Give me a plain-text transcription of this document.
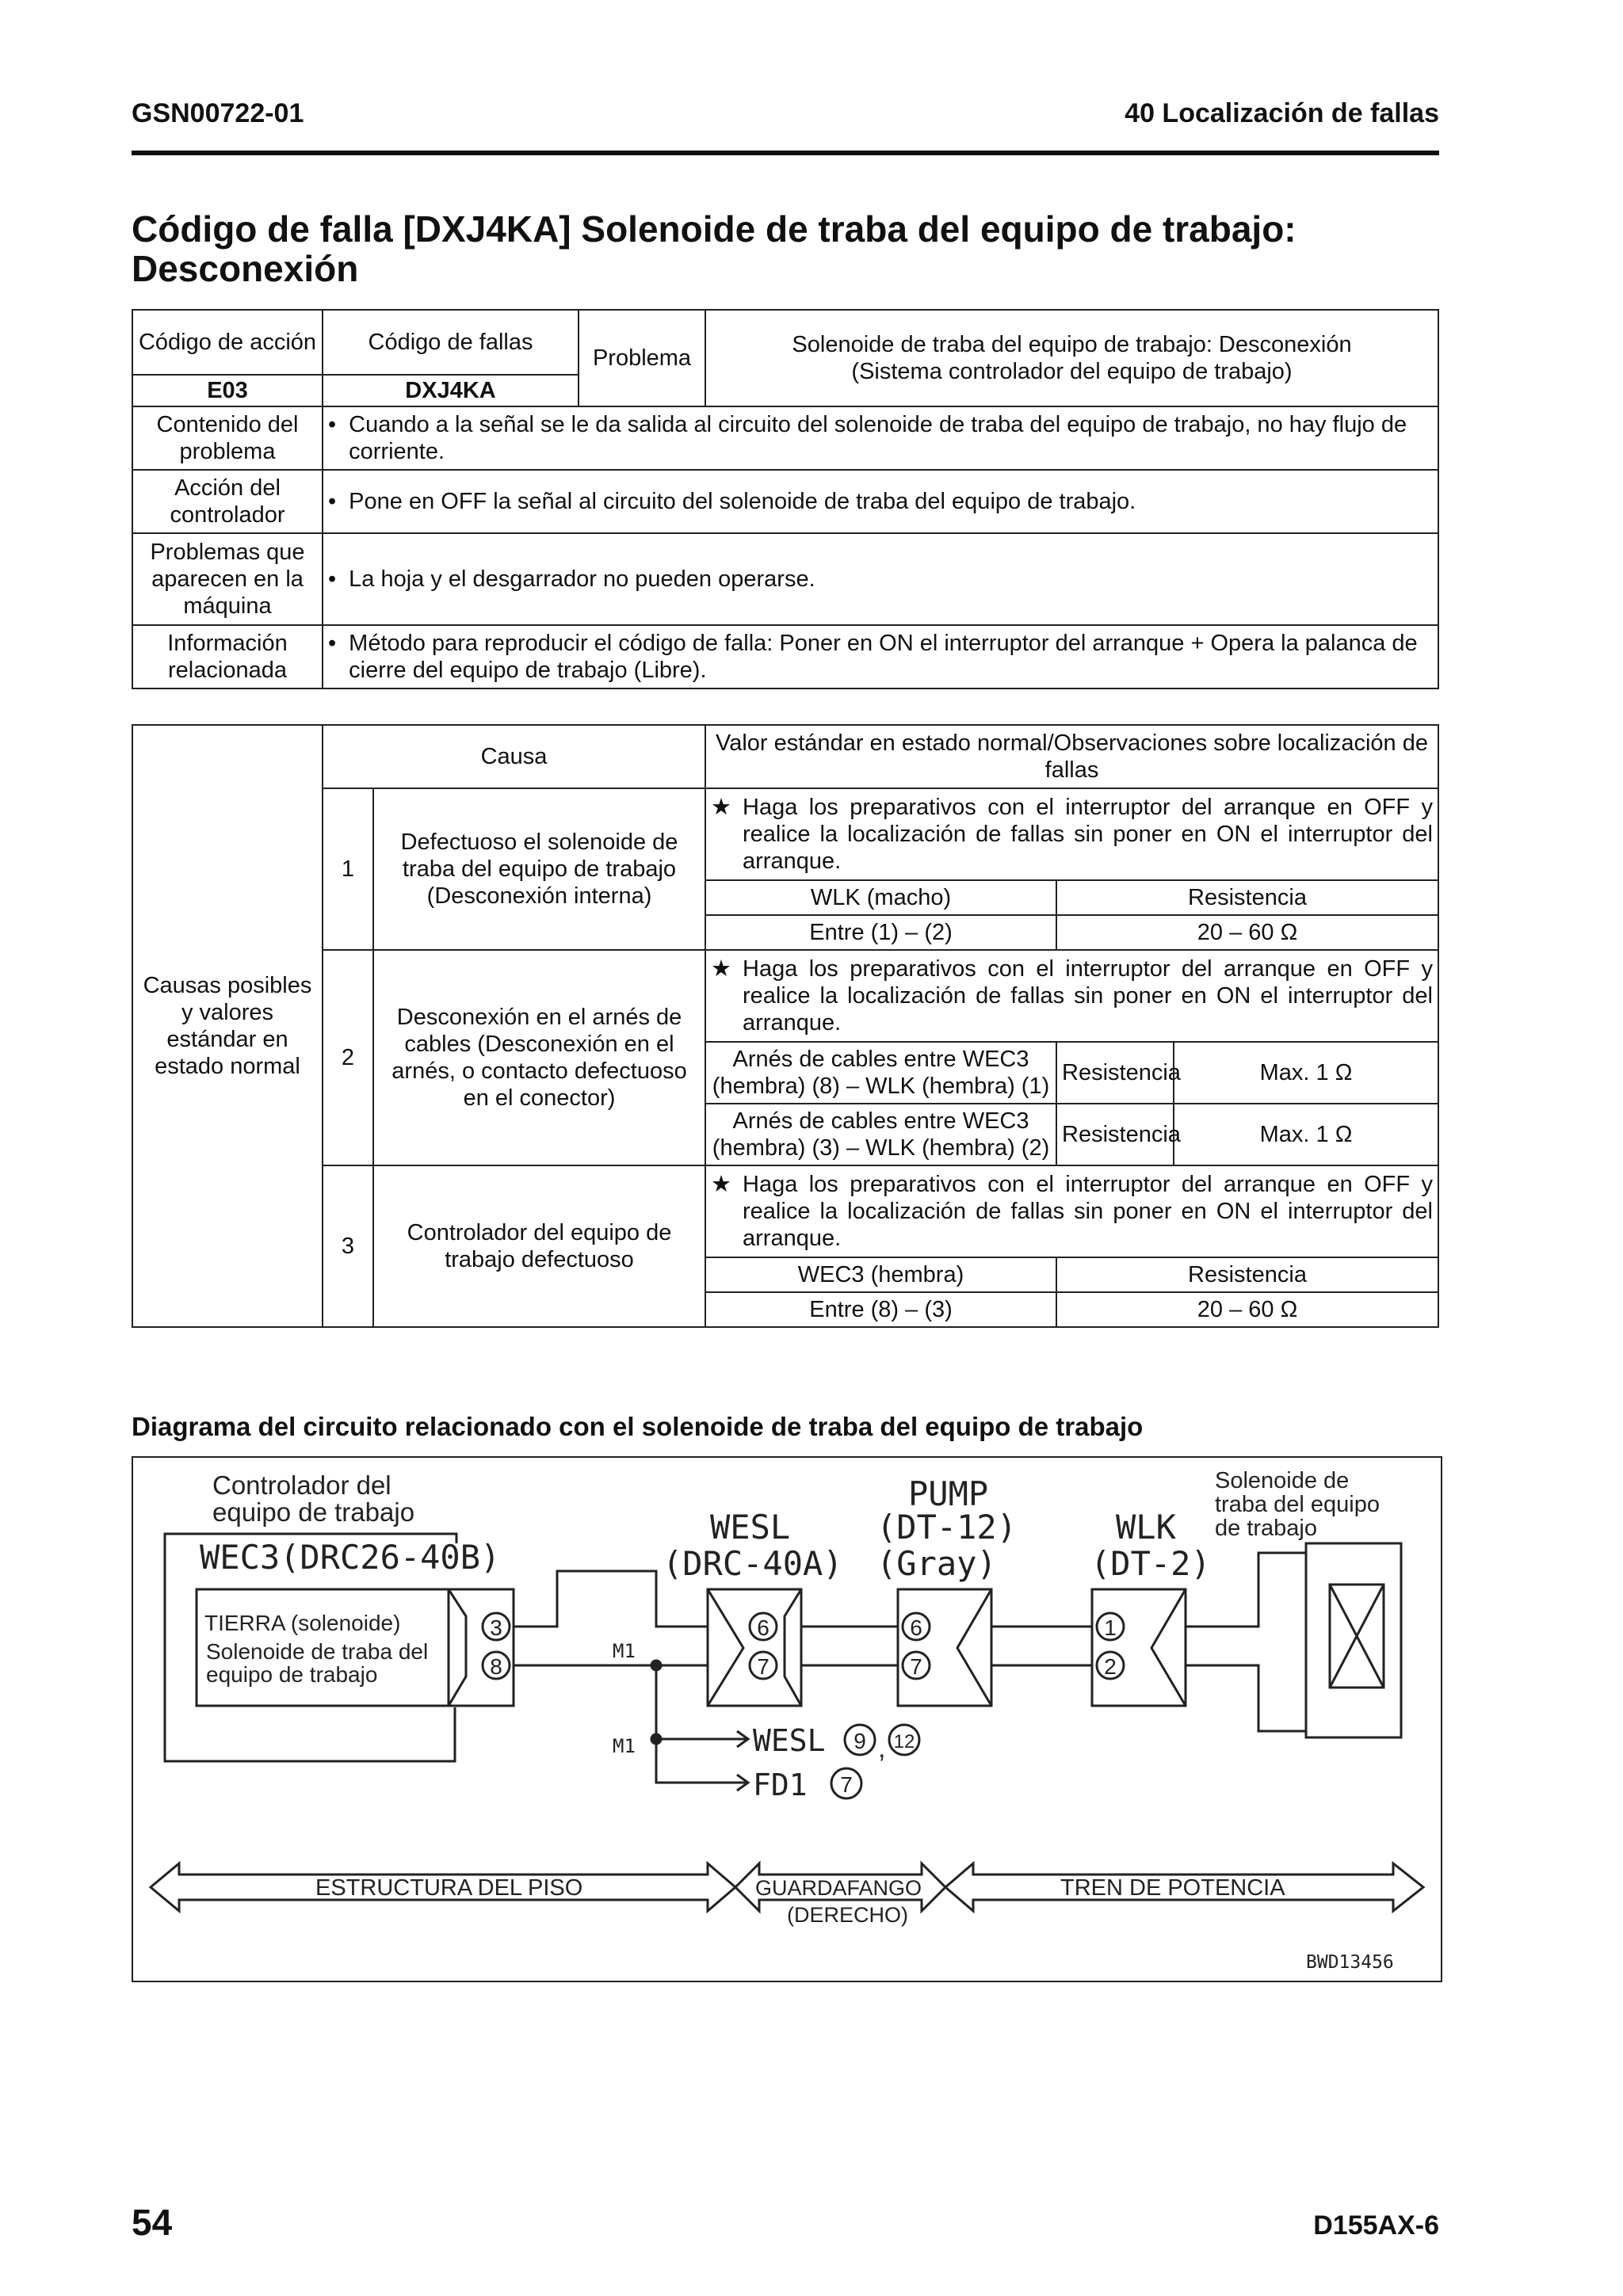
GSN00722-01	40 Localización de fallas
Código de falla [DXJ4KA] Solenoide de traba del equipo de trabajo: Desconexión
Código de acción	Código de fallas	Problema	Solenoide de traba del equipo de trabajo: Desconexión (Sistema controlador del equipo de trabajo)
E03	DXJ4KA		
Contenido del problema	• Cuando a la señal se le da salida al circuito del solenoide de traba del equipo de trabajo, no hay flujo de corriente.		

Acción del controlador	• Pone en OFF la señal al circuito del solenoide de traba del equipo de trabajo.		

Problemas que aparecen en la máquina	• La hoja y el desgarrador no pueden operarse.		

Información relacionada	• Método para reproducir el código de falla: Poner en ON el interruptor del arranque + Opera la palanca de cierre del equipo de trabajo (Libre).		
Causas posibles y valores estándar en estado normal	Causa		Valor estándar en estado normal/Observaciones sobre localización de fallas		
	1	Defectuoso el solenoide de traba del equipo de trabajo (Desconexión interna)	★ Haga los preparativos con el interruptor del arranque en OFF y realice la localización de fallas sin poner en ON el interruptor del arranque.		

			WLK (macho)	Resistencia	
			Entre (1) – (2)	20 – 60 Ω	
	2	Desconexión en el arnés de cables (Desconexión en el arnés, o contacto defectuoso en el conector)	★ Haga los preparativos con el interruptor del arranque en OFF y realice la localización de fallas sin poner en ON el interruptor del arranque.		

			Arnés de cables entre WEC3 (hembra) (8) – WLK (hembra) (1)	Resistencia	Max. 1 Ω
			Arnés de cables entre WEC3 (hembra) (3) – WLK (hembra) (2)	Resistencia	Max. 1 Ω
	3	Controlador del equipo de trabajo defectuoso	★ Haga los preparativos con el interruptor del arranque en OFF y realice la localización de fallas sin poner en ON el interruptor del arranque.		

			WEC3 (hembra)	Resistencia	
			Entre (8) – (3)	20 – 60 Ω	
Diagrama del circuito relacionado con el solenoide de traba del equipo de trabajo
Controlador del
equipo de trabajo
WEC3(DRC26-40B)
TIERRA (solenoide)
Solenoide de traba del
equipo de trabajo
3
8
M1
M1	WESL 9 , 12
FD1 7
WESL
(DRC-40A)
6
7
PUMP
(DT-12)
(Gray)
6
7
WLK
(DT-2)
1
2
Solenoide de
traba del equipo
de trabajo
ESTRUCTURA DEL PISO	GUARDAFANGO
(DERECHO)
TREN DE POTENCIA
BWD13456
54	D155AX-6
